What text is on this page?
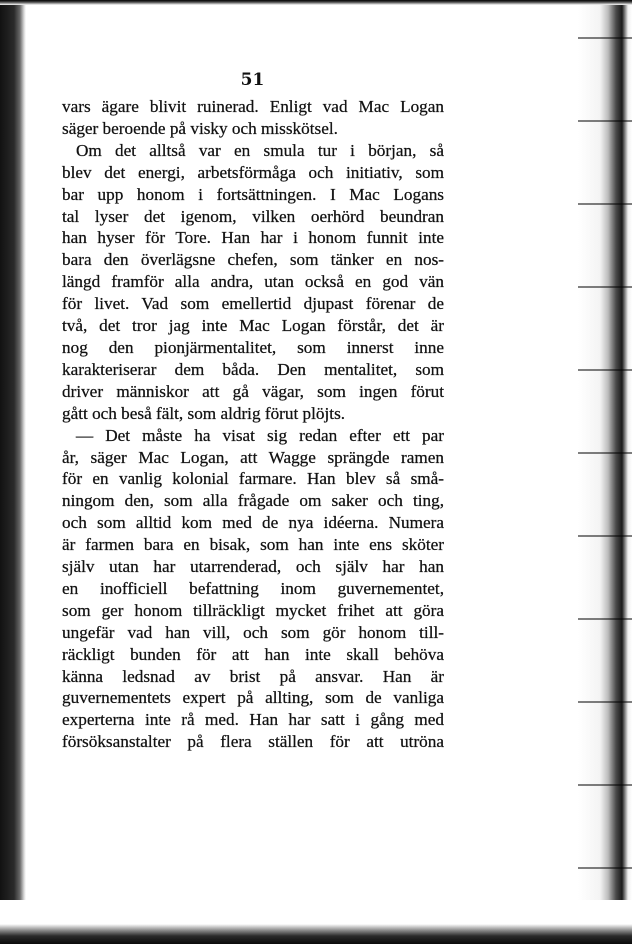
51
vars ägare blivit ruinerad. Enligt vad Mac Logan
säger beroende på visky och misskötsel.
Om det alltså var en smula tur i början, så
blev det energi, arbetsförmåga och initiativ, som
bar upp honom i fortsättningen. I Mac Logans
tal lyser det igenom, vilken oerhörd beundran
han hyser för Tore. Han har i honom funnit inte
bara den överlägsne chefen, som tänker en nos-
längd framför alla andra, utan också en god vän
för livet. Vad som emellertid djupast förenar de
två, det tror jag inte Mac Logan förstår, det är
nog den pionjärmentalitet, som innerst inne
karakteriserar dem båda. Den mentalitet, som
driver människor att gå vägar, som ingen förut
gått och beså fält, som aldrig förut plöjts.
— Det måste ha visat sig redan efter ett par
år, säger Mac Logan, att Wagge sprängde ramen
för en vanlig kolonial farmare. Han blev så små-
ningom den, som alla frågade om saker och ting,
och som alltid kom med de nya idéerna. Numera
är farmen bara en bisak, som han inte ens sköter
själv utan har utarrenderad, och själv har han
en inofficiell befattning inom guvernementet,
som ger honom tillräckligt mycket frihet att göra
ungefär vad han vill, och som gör honom till-
räckligt bunden för att han inte skall behöva
känna ledsnad av brist på ansvar. Han är
guvernementets expert på allting, som de vanliga
experterna inte rå med. Han har satt i gång med
försöksanstalter på flera ställen för att utröna
